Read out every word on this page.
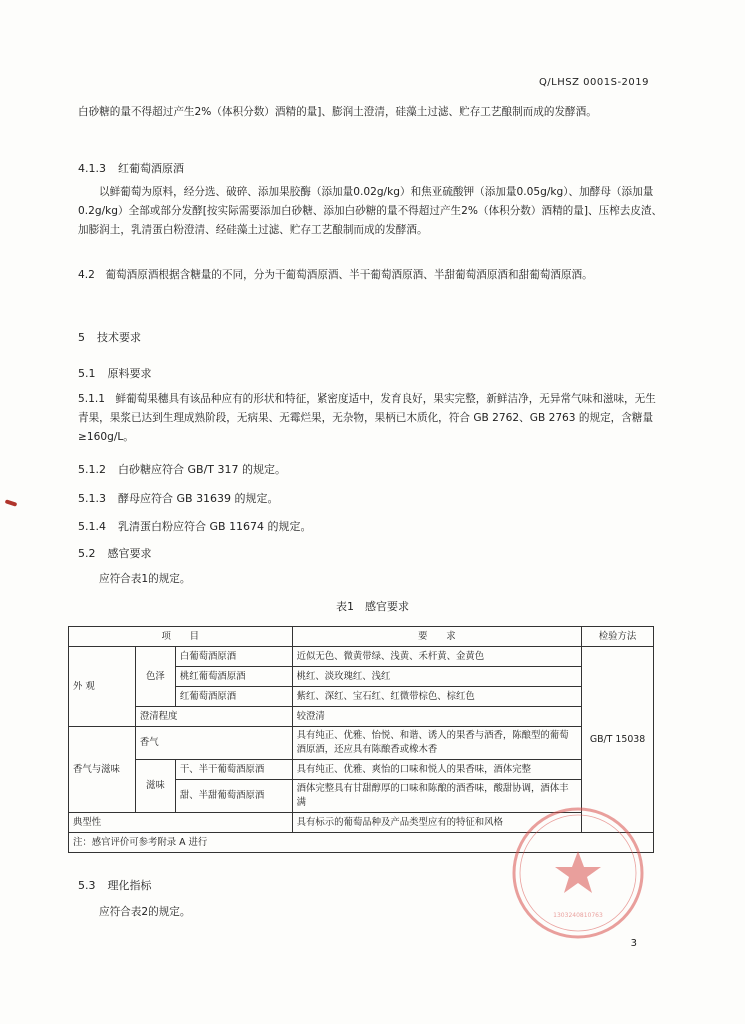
Q/LHSZ 0001S-2019
白砂糖的量不得超过产生2%（体积分数）酒精的量]、膨润土澄清，硅藻土过滤、贮存工艺酿制而成的发酵酒。
4.1.3 红葡萄酒原酒
以鲜葡萄为原料，经分选、破碎、添加果胶酶（添加量0.02g/kg）和焦亚硫酸钾（添加量0.05g/kg）、加酵母（添加量0.2g/kg）全部或部分发酵[按实际需要添加白砂糖、添加白砂糖的量不得超过产生2%（体积分数）酒精的量]、压榨去皮渣、加膨润土，乳清蛋白粉澄清、经硅藻土过滤、贮存工艺酿制而成的发酵酒。
4.2　葡萄酒原酒根据含糖量的不同，分为干葡萄酒原酒、半干葡萄酒原酒、半甜葡萄酒原酒和甜葡萄酒原酒。
5 技术要求
5.1 原料要求
5.1.1　鲜葡萄果穗具有该品种应有的形状和特征，紧密度适中，发育良好，果实完整，新鲜洁净，无异常气味和滋味，无生青果，果浆已达到生理成熟阶段，无病果、无霉烂果，无杂物，果柄已木质化，符合 GB 2762、GB 2763 的规定，含糖量≥160g/L。
5.1.2 白砂糖应符合 GB/T 317 的规定。
5.1.3 酵母应符合 GB 31639 的规定。
5.1.4 乳清蛋白粉应符合 GB 11674 的规定。
5.2 感官要求
应符合表1的规定。
表1　感官要求
项　　目			要　　求	检验方法
外 观	色泽	白葡萄酒原酒	近似无色、微黄带绿、浅黄、禾杆黄、金黄色	GB/T 15038
		桃红葡萄酒原酒	桃红、淡玫瑰红、浅红	
		红葡萄酒原酒	紫红、深红、宝石红、红微带棕色、棕红色	
	澄清程度		较澄清	
香气与滋味	香气		具有纯正、优雅、怡悦、和谐、诱人的果香与酒香，陈酿型的葡萄酒原酒，还应具有陈酿香或橡木香	
	滋味	干、半干葡萄酒原酒	具有纯正、优雅、爽怡的口味和悦人的果香味，酒体完整	
		甜、半甜葡萄酒原酒	酒体完整具有甘甜醇厚的口味和陈酿的酒香味，酸甜协调，酒体丰满	
典型性			具有标示的葡萄品种及产品类型应有的特征和风格	
注：感官评价可参考附录 A 进行				
5.3 理化指标
应符合表2的规定。	1303240810763
3
